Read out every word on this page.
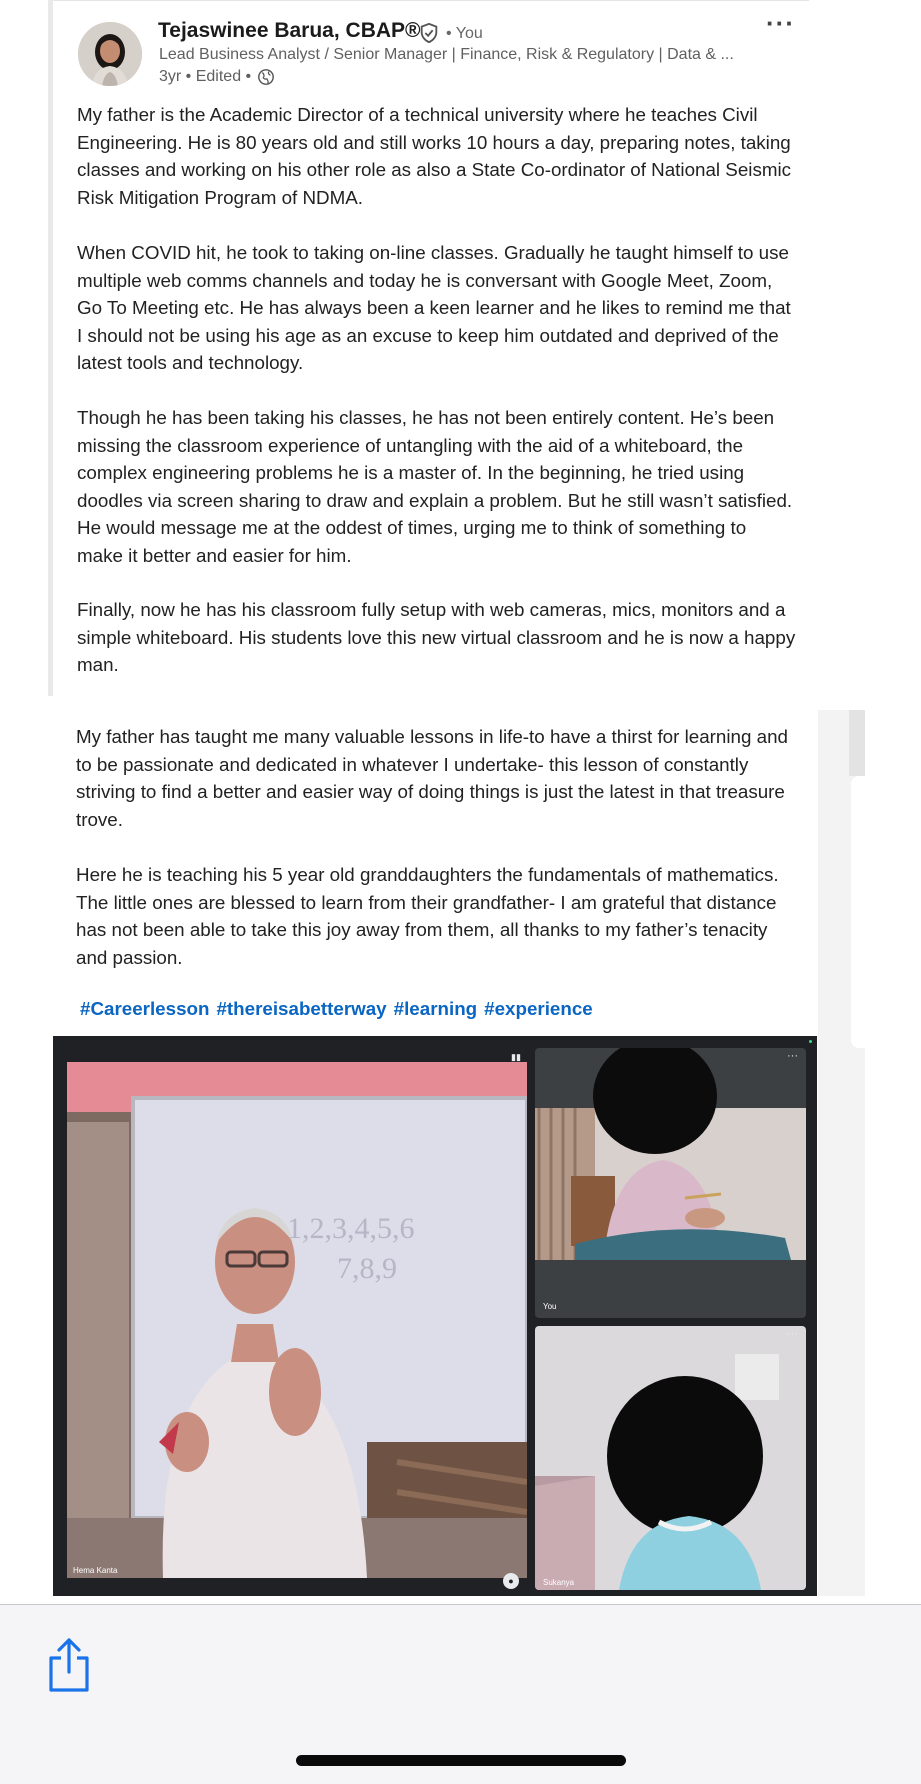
Tejaswinee Barua, CBAP® • You
Lead Business Analyst / Senior Manager | Finance, Risk & Regulatory | Data & ...
3yr • Edited •
···

My father is the Academic Director of a technical university where he teaches Civil Engineering. He is 80 years old and still works 10 hours a day, preparing notes, taking classes and working on his other role as also a State Co-ordinator of National Seismic Risk Mitigation Program of NDMA.

When COVID hit, he took to taking on-line classes. Gradually he taught himself to use multiple web comms channels and today he is conversant with Google Meet, Zoom, Go To Meeting etc. He has always been a keen learner and he likes to remind me that I should not be using his age as an excuse to keep him outdated and deprived of the latest tools and technology.

Though he has been taking his classes, he has not been entirely content. He’s been missing the classroom experience of untangling with the aid of a whiteboard, the complex engineering problems he is a master of. In the beginning, he tried using doodles via screen sharing to draw and explain a problem. But he still wasn’t satisfied. He would message me at the oddest of times, urging me to think of something to make it better and easier for him.

Finally, now he has his classroom fully setup with web cameras, mics, monitors and a simple whiteboard. His students love this new virtual classroom and he is now a happy man.

My father has taught me many valuable lessons in life-to have a thirst for learning and to be passionate and dedicated in whatever I undertake- this lesson of constantly striving to find a better and easier way of doing things is just the latest in that treasure trove.

Here he is teaching his 5 year old granddaughters the fundamentals of mathematics. The little ones are blessed to learn from their grandfather- I am grateful that distance has not been able to take this joy away from them, all thanks to my father’s tenacity and passion.

#Careerlesson #thereisabetterway #learning #experience
1,2,3,4,5,6
7,8,9
Hema Kanta
▮▮
●
···
You
···
Sukanya
